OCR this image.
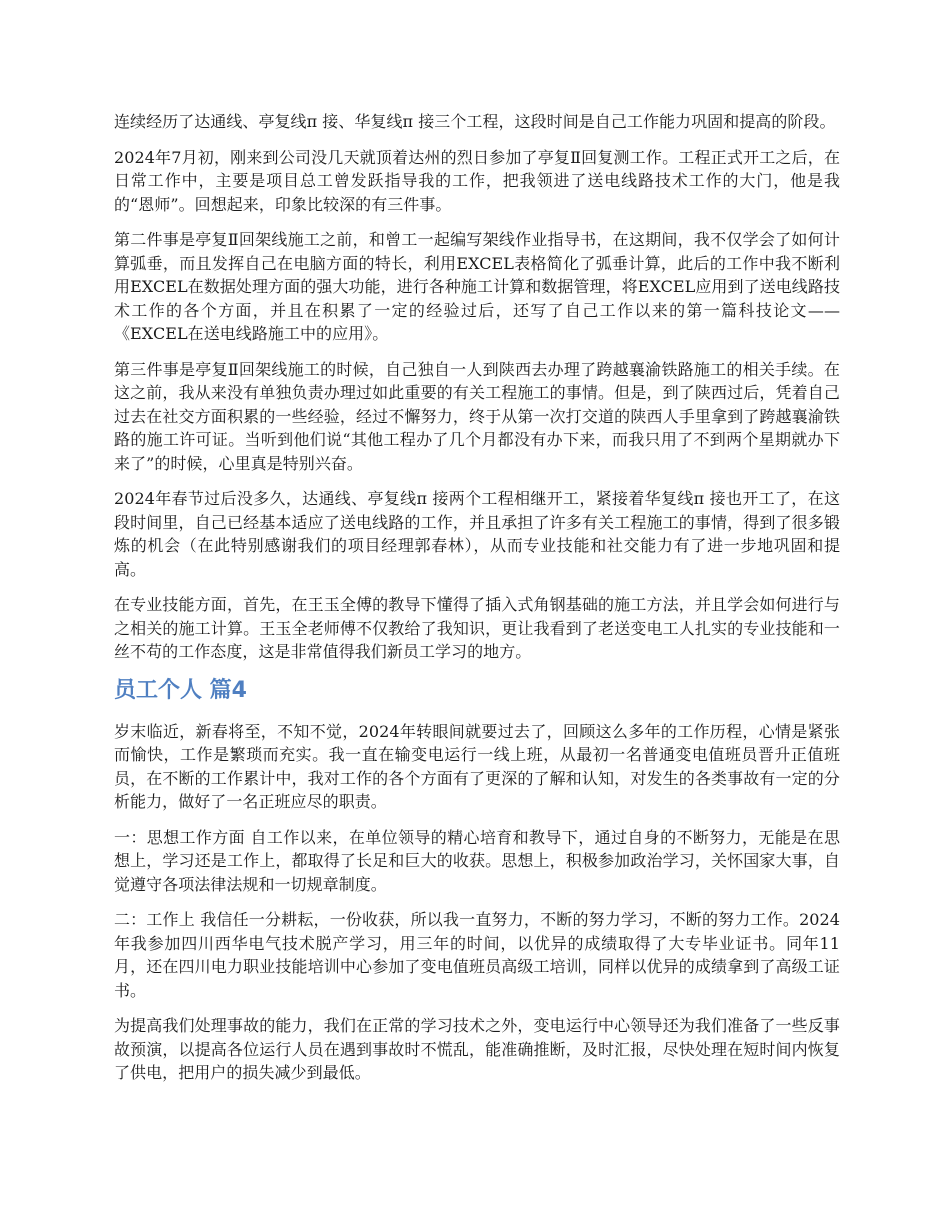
连续经历了达通线、亭复线π 接、华复线π 接三个工程，这段时间是自己工作能力巩固和提高的阶段。

2024年7月初，刚来到公司没几天就顶着达州的烈日参加了亭复Ⅱ回复测工作。工程正式开工之后，在日常工作中，主要是项目总工曾发跃指导我的工作，把我领进了送电线路技术工作的大门，他是我的“恩师”。回想起来，印象比较深的有三件事。

第二件事是亭复Ⅱ回架线施工之前，和曾工一起编写架线作业指导书，在这期间，我不仅学会了如何计算弧垂，而且发挥自己在电脑方面的特长，利用EXCEL表格简化了弧垂计算，此后的工作中我不断利用EXCEL在数据处理方面的强大功能，进行各种施工计算和数据管理，将EXCEL应用到了送电线路技术工作的各个方面，并且在积累了一定的经验过后，还写了自己工作以来的第一篇科技论文——《EXCEL在送电线路施工中的应用》。

第三件事是亭复Ⅱ回架线施工的时候，自己独自一人到陕西去办理了跨越襄渝铁路施工的相关手续。在这之前，我从来没有单独负责办理过如此重要的有关工程施工的事情。但是，到了陕西过后，凭着自己过去在社交方面积累的一些经验，经过不懈努力，终于从第一次打交道的陕西人手里拿到了跨越襄渝铁路的施工许可证。当听到他们说“其他工程办了几个月都没有办下来，而我只用了不到两个星期就办下来了”的时候，心里真是特别兴奋。

2024年春节过后没多久，达通线、亭复线π 接两个工程相继开工，紧接着华复线π 接也开工了，在这段时间里，自己已经基本适应了送电线路的工作，并且承担了许多有关工程施工的事情，得到了很多锻炼的机会（在此特别感谢我们的项目经理郭春林），从而专业技能和社交能力有了进一步地巩固和提高。

在专业技能方面，首先，在王玉全傅的教导下懂得了插入式角钢基础的施工方法，并且学会如何进行与之相关的施工计算。王玉全老师傅不仅教给了我知识，更让我看到了老送变电工人扎实的专业技能和一丝不苟的工作态度，这是非常值得我们新员工学习的地方。

员工个人 篇4

岁末临近，新春将至，不知不觉，2024年转眼间就要过去了，回顾这么多年的工作历程，心情是紧张而愉快，工作是繁琐而充实。我一直在输变电运行一线上班，从最初一名普通变电值班员晋升正值班员，在不断的工作累计中，我对工作的各个方面有了更深的了解和认知，对发生的各类事故有一定的分析能力，做好了一名正班应尽的职责。

一：思想工作方面 自工作以来，在单位领导的精心培育和教导下，通过自身的不断努力，无能是在思想上，学习还是工作上，都取得了长足和巨大的收获。思想上，积极参加政治学习，关怀国家大事，自觉遵守各项法律法规和一切规章制度。

二：工作上 我信任一分耕耘，一份收获，所以我一直努力，不断的努力学习，不断的努力工作。2024年我参加四川西华电气技术脱产学习，用三年的时间，以优异的成绩取得了大专毕业证书。同年11月，还在四川电力职业技能培训中心参加了变电值班员高级工培训，同样以优异的成绩拿到了高级工证书。

为提高我们处理事故的能力，我们在正常的学习技术之外，变电运行中心领导还为我们准备了一些反事故预演，以提高各位运行人员在遇到事故时不慌乱，能准确推断，及时汇报，尽快处理在短时间内恢复了供电，把用户的损失减少到最低。
